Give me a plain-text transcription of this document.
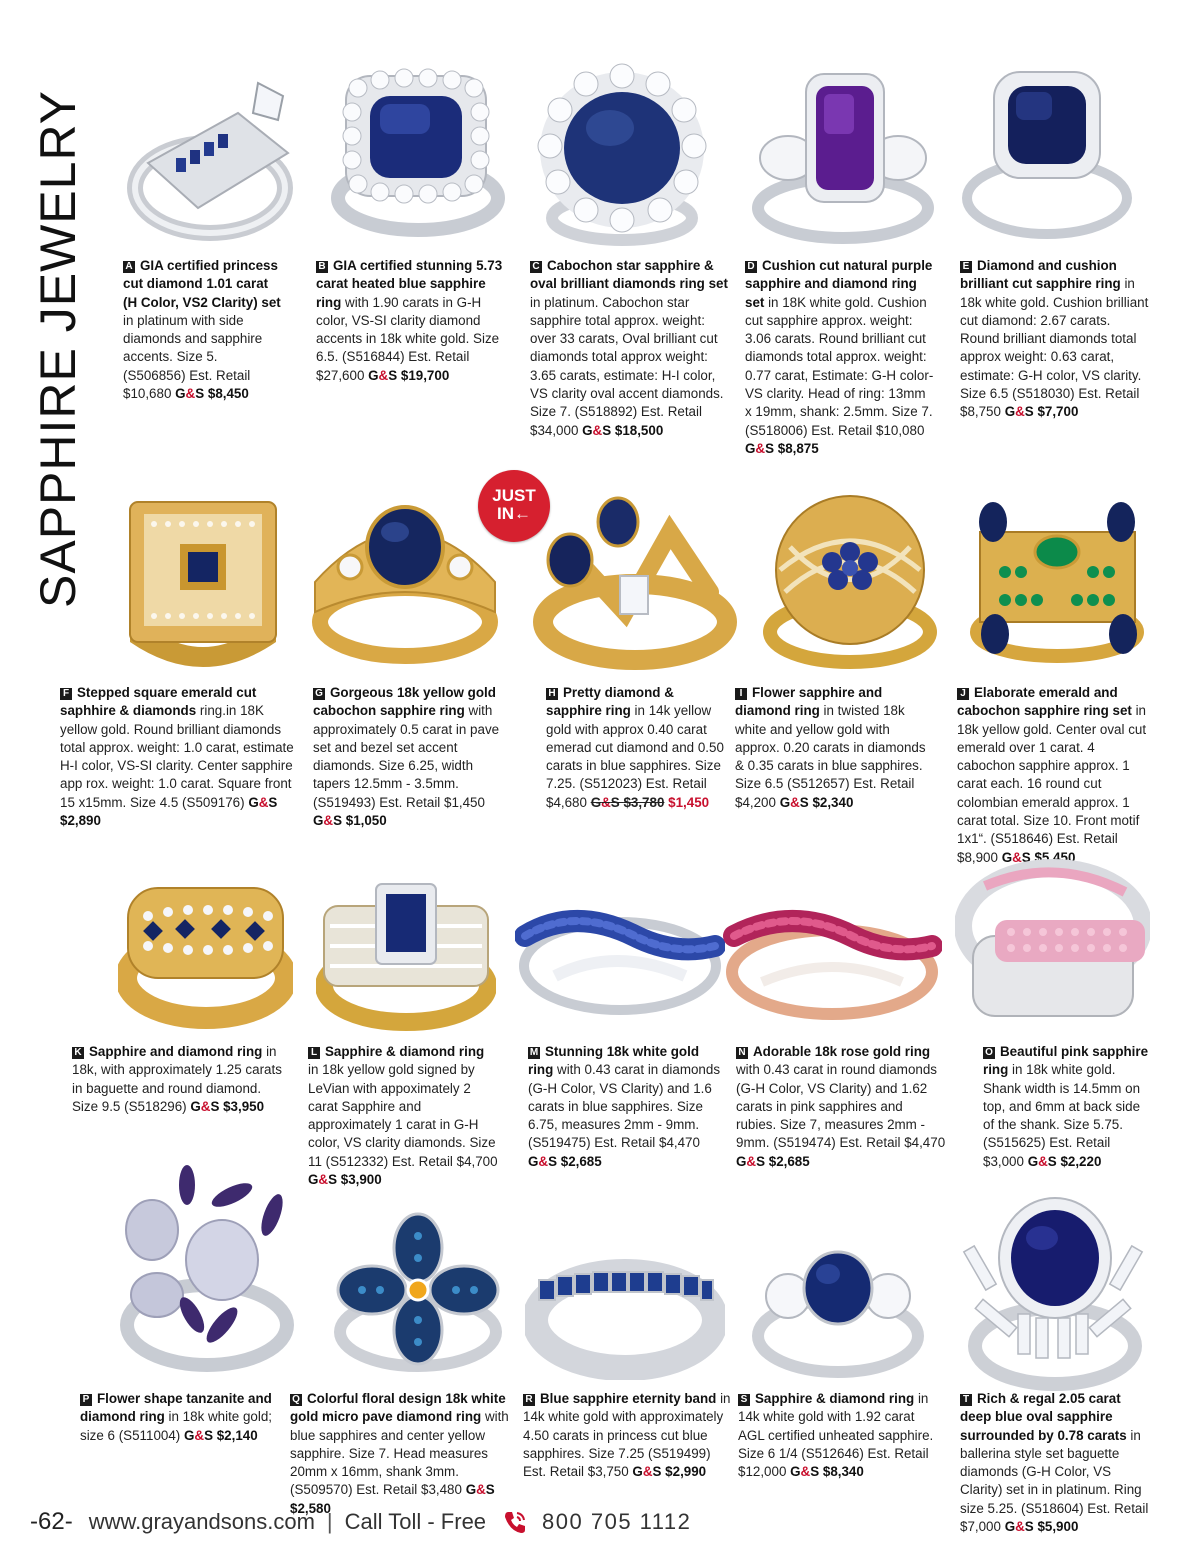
SAPPHIRE JEWELRY	A GIA certified princess cut diamond 1.01 carat (H Color, VS2 Clarity) set in platinum with side diamonds and sapphire accents. Size 5. (S506856) Est. Retail $10,680 G&S $8,450
B GIA certified stunning 5.73 carat heated blue sapphire ring with 1.90 carats in G-H color, VS-SI clarity diamond accents in 18k white gold. Size 6.5. (S516844) Est. Retail $27,600 G&S $19,700
C Cabochon star sapphire & oval brilliant diamonds ring set in platinum. Cabochon star sapphire total approx. weight: over 33 carats, Oval brilliant cut diamonds total approx weight: 3.65 carats, estimate: H-I color, VS clarity oval accent diamonds. Size 7. (S518892) Est. Retail $34,000 G&S $18,500
D Cushion cut natural purple sapphire and diamond ring set in 18K white gold. Cushion cut sapphire approx. weight: 3.06 carats. Round brilliant cut diamonds total approx. weight: 0.77 carat, Estimate: G-H color-VS clarity. Head of ring: 13mm x 19mm, shank: 2.5mm. Size 7. (S518006) Est. Retail $10,080 G&S $8,875
E Diamond and cushion brilliant cut sapphire ring in 18k white gold. Cushion brilliant cut diamond: 2.67 carats. Round brilliant diamonds total approx weight: 0.63 carat, estimate: G-H color, VS clarity. Size 6.5 (S518030) Est. Retail $8,750 G&S $7,700
JUST
IN←
F Stepped square emerald cut saphhire & diamonds ring.in 18K yellow gold. Round brilliant diamonds total approx. weight: 1.0 carat, estimate H-I color, VS-SI clarity. Center sapphire app rox. weight: 1.0 carat. Square front 15 x15mm. Size 4.5 (S509176) G&S $2,890
G Gorgeous 18k yellow gold cabochon sapphire ring with approximately 0.5 carat in pave set and bezel set accent diamonds. Size 6.25, width tapers 12.5mm - 3.5mm. (S519493) Est. Retail $1,450 G&S $1,050
H Pretty diamond & sapphire ring in 14k yellow gold with approx 0.40 carat emerad cut diamond and 0.50 carats in blue sapphires. Size 7.25. (S512023) Est. Retail $4,680 G&S $3,780 $1,450
I Flower sapphire and diamond ring in twisted 18k white and yellow gold with approx. 0.20 carats in diamonds & 0.35 carats in blue sapphires. Size 6.5 (S512657) Est. Retail $4,200 G&S $2,340
J Elaborate emerald and cabochon sapphire ring set in 18k yellow gold. Center oval cut emerald over 1 carat. 4 cabochon sapphire approx. 1 carat each. 16 round cut colombian emerald approx. 1 carat total. Size 10. Front motif 1x1“. (S518646) Est. Retail $8,900 G&S $5,450
K Sapphire and diamond ring in 18k, with approximately 1.25 carats in baguette and round diamond. Size 9.5 (S518296) G&S $3,950
L Sapphire & diamond ring in 18k yellow gold signed by LeVian with appoximately 2 carat Sapphire and approximately 1 carat in G-H color, VS clarity diamonds. Size 11 (S512332) Est. Retail $4,700 G&S $3,900
M Stunning 18k white gold ring with 0.43 carat in diamonds (G-H Color, VS Clarity) and 1.6 carats in blue sapphires. Size 6.75, measures 2mm - 9mm. (S519475) Est. Retail $4,470 G&S $2,685
N Adorable 18k rose gold ring with 0.43 carat in round diamonds (G-H Color, VS Clarity) and 1.62 carats in pink sapphires and rubies. Size 7, measures 2mm - 9mm. (S519474) Est. Retail $4,470 G&S $2,685
O Beautiful pink sapphire ring in 18k white gold. Shank width is 14.5mm on top, and 6mm at back side of the shank. Size 5.75. (S515625) Est. Retail $3,000 G&S $2,220
P Flower shape tanzanite and diamond ring in 18k white gold; size 6 (S511004) G&S $2,140
Q Colorful floral design 18k white gold micro pave diamond ring with blue sapphires and center yellow sapphire. Size 7. Head measures 20mm x 16mm, shank 3mm. (S509570) Est. Retail $3,480 G&S $2,580
R Blue sapphire eternity band in 14k white gold with approximately 4.50 carats in princess cut blue sapphires. Size 7.25 (S519499) Est. Retail $3,750 G&S $2,990
S Sapphire & diamond ring in 14k white gold with 1.92 carat AGL certified unheated sapphire. Size 6 1/4 (S512646) Est. Retail $12,000 G&S $8,340
T Rich & regal 2.05 carat deep blue oval sapphire surrounded by 0.78 carats in ballerina style set baguette diamonds (G-H Color, VS Clarity) set in in platinum. Ring size 5.25. (S518604) Est. Retail $7,000 G&S $5,900
-62- www.grayandsons.com | Call Toll - Free	800 705 1112
